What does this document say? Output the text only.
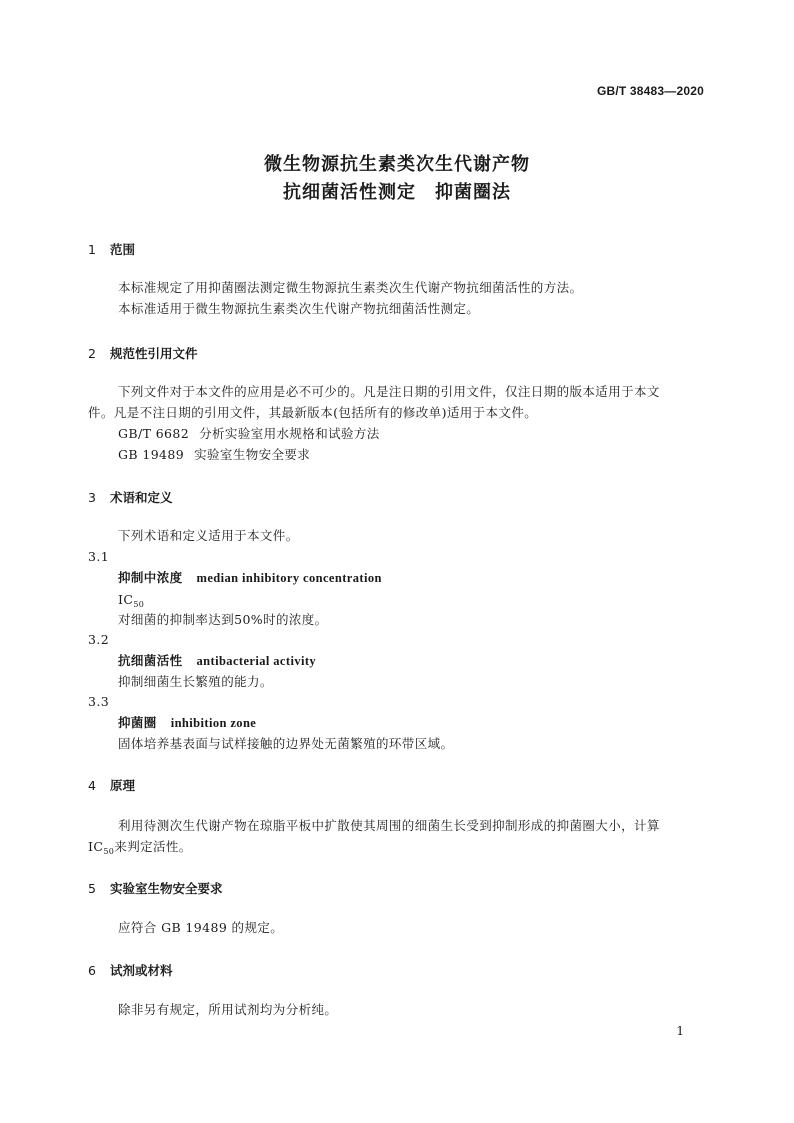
GB/T 38483—2020
微生物源抗生素类次生代谢产物
抗细菌活性测定　抑菌圈法
1 范围
本标准规定了用抑菌圈法测定微生物源抗生素类次生代谢产物抗细菌活性的方法。
本标准适用于微生物源抗生素类次生代谢产物抗细菌活性测定。
2 规范性引用文件
下列文件对于本文件的应用是必不可少的。凡是注日期的引用文件，仅注日期的版本适用于本文
件。凡是不注日期的引用文件，其最新版本(包括所有的修改单)适用于本文件。
GB/T 6682 分析实验室用水规格和试验方法
GB 19489 实验室生物安全要求
3 术语和定义
下列术语和定义适用于本文件。
3.1
抑制中浓度 median inhibitory concentration
$IC_{50}$
对细菌的抑制率达到50%时的浓度。
3.2
抗细菌活性 antibacterial activity
抑制细菌生长繁殖的能力。
3.3
抑菌圈 inhibition zone
固体培养基表面与试样接触的边界处无菌繁殖的环带区域。
4 原理
利用待测次生代谢产物在琼脂平板中扩散使其周围的细菌生长受到抑制形成的抑菌圈大小，计算
$IC_{50}$来判定活性。
5 实验室生物安全要求
应符合 GB 19489 的规定。
6 试剂或材料
除非另有规定，所用试剂均为分析纯。
1
